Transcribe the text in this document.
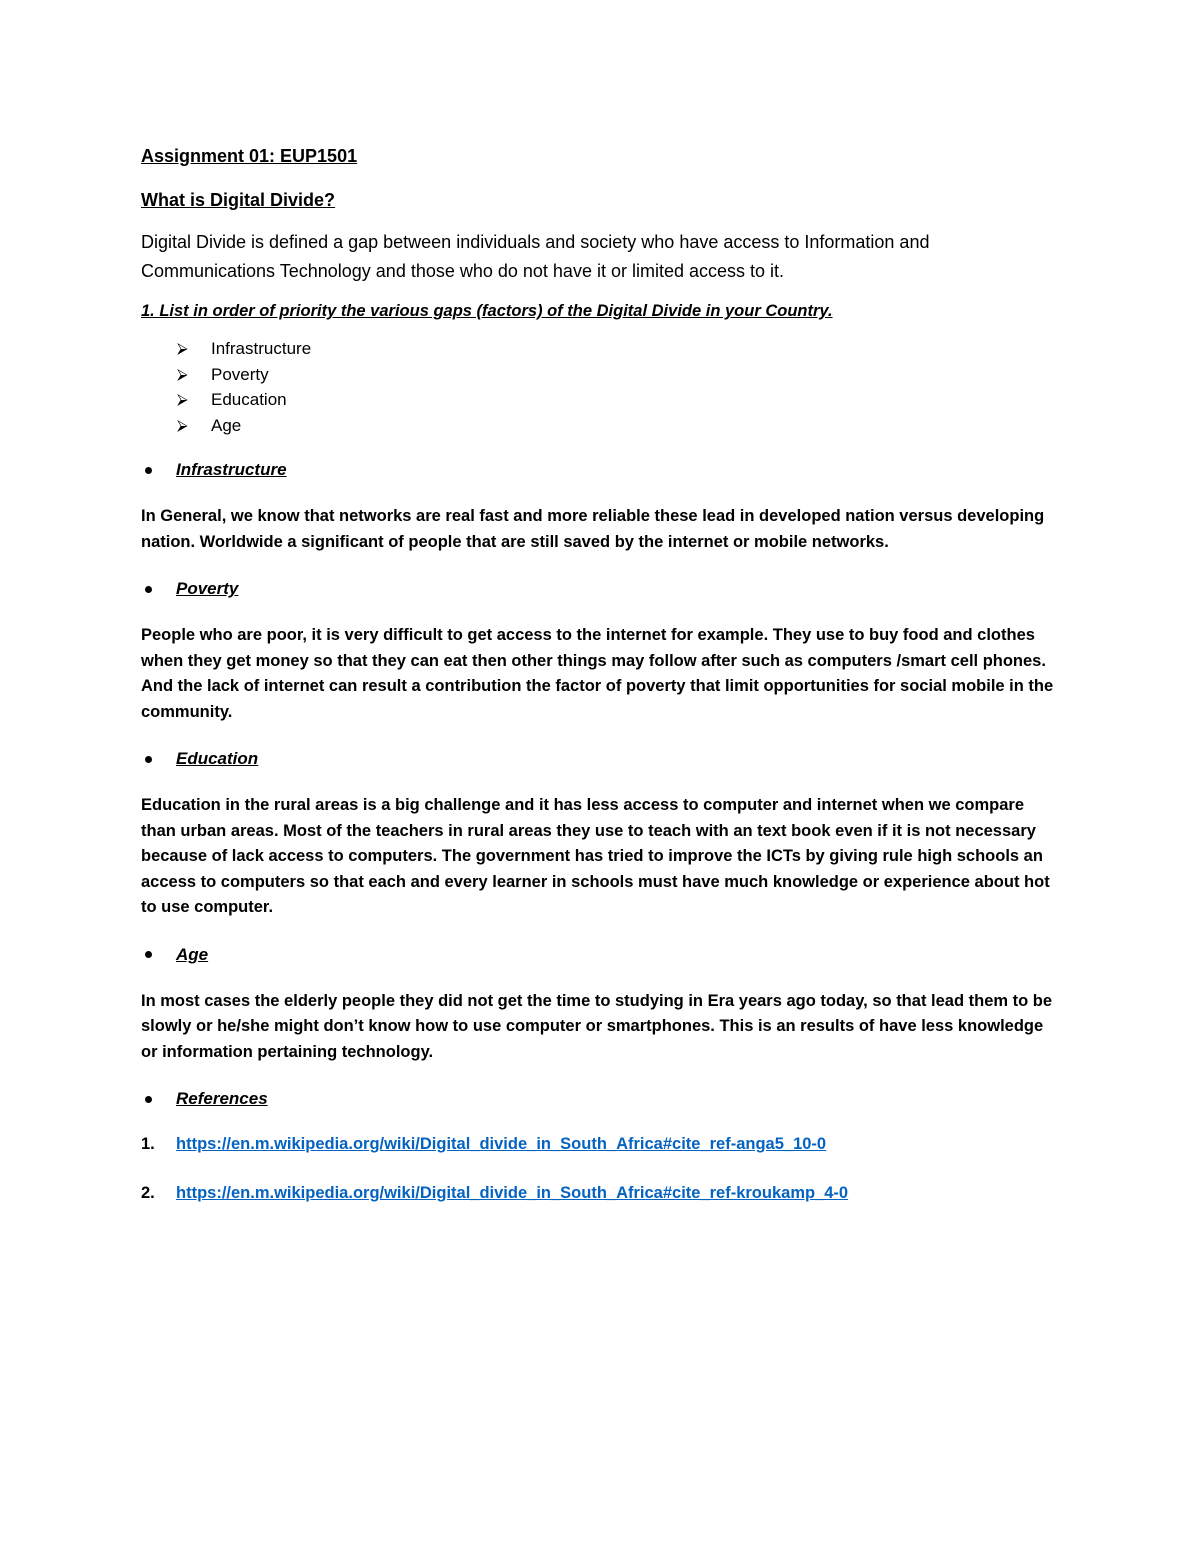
Assignment 01: EUP1501
What is Digital Divide?

Digital Divide is defined a gap between individuals and society who have access to Information and Communications Technology and those who do not have it or limited access to it.

1. List in order of priority the various gaps (factors) of the Digital Divide in your Country.
⮚	Infrastructure
⮚	Poverty
⮚	Education
⮚	Age
Infrastructure

In General, we know that networks are real fast and more reliable these lead in developed nation versus developing nation. Worldwide a significant of people that are still saved by the internet or mobile networks.

Poverty

People who are poor, it is very difficult to get access to the internet for example. They use to buy food and clothes when they get money so that they can eat then other things may follow after such as computers /smart cell phones. And the lack of internet can result a contribution the factor of poverty that limit opportunities for social mobile in the community.

Education

Education in the rural areas is a big challenge and it has less access to computer and internet when we compare than urban areas. Most of the teachers in rural areas they use to teach with an text book even if it is not necessary because of lack access to computers. The government has tried to improve the ICTs by giving rule high schools an access to computers so that each and every learner in schools must have much knowledge or experience about hot to use computer.

Age

In most cases the elderly people they did not get the time to studying in Era years ago today, so that lead them to be slowly or he/she might don’t know how to use computer or smartphones. This is an results of have less knowledge or information pertaining technology.

References
1.	https://en.m.wikipedia.org/wiki/Digital_divide_in_South_Africa#cite_ref-anga5_10-0
2.	https://en.m.wikipedia.org/wiki/Digital_divide_in_South_Africa#cite_ref-kroukamp_4-0
